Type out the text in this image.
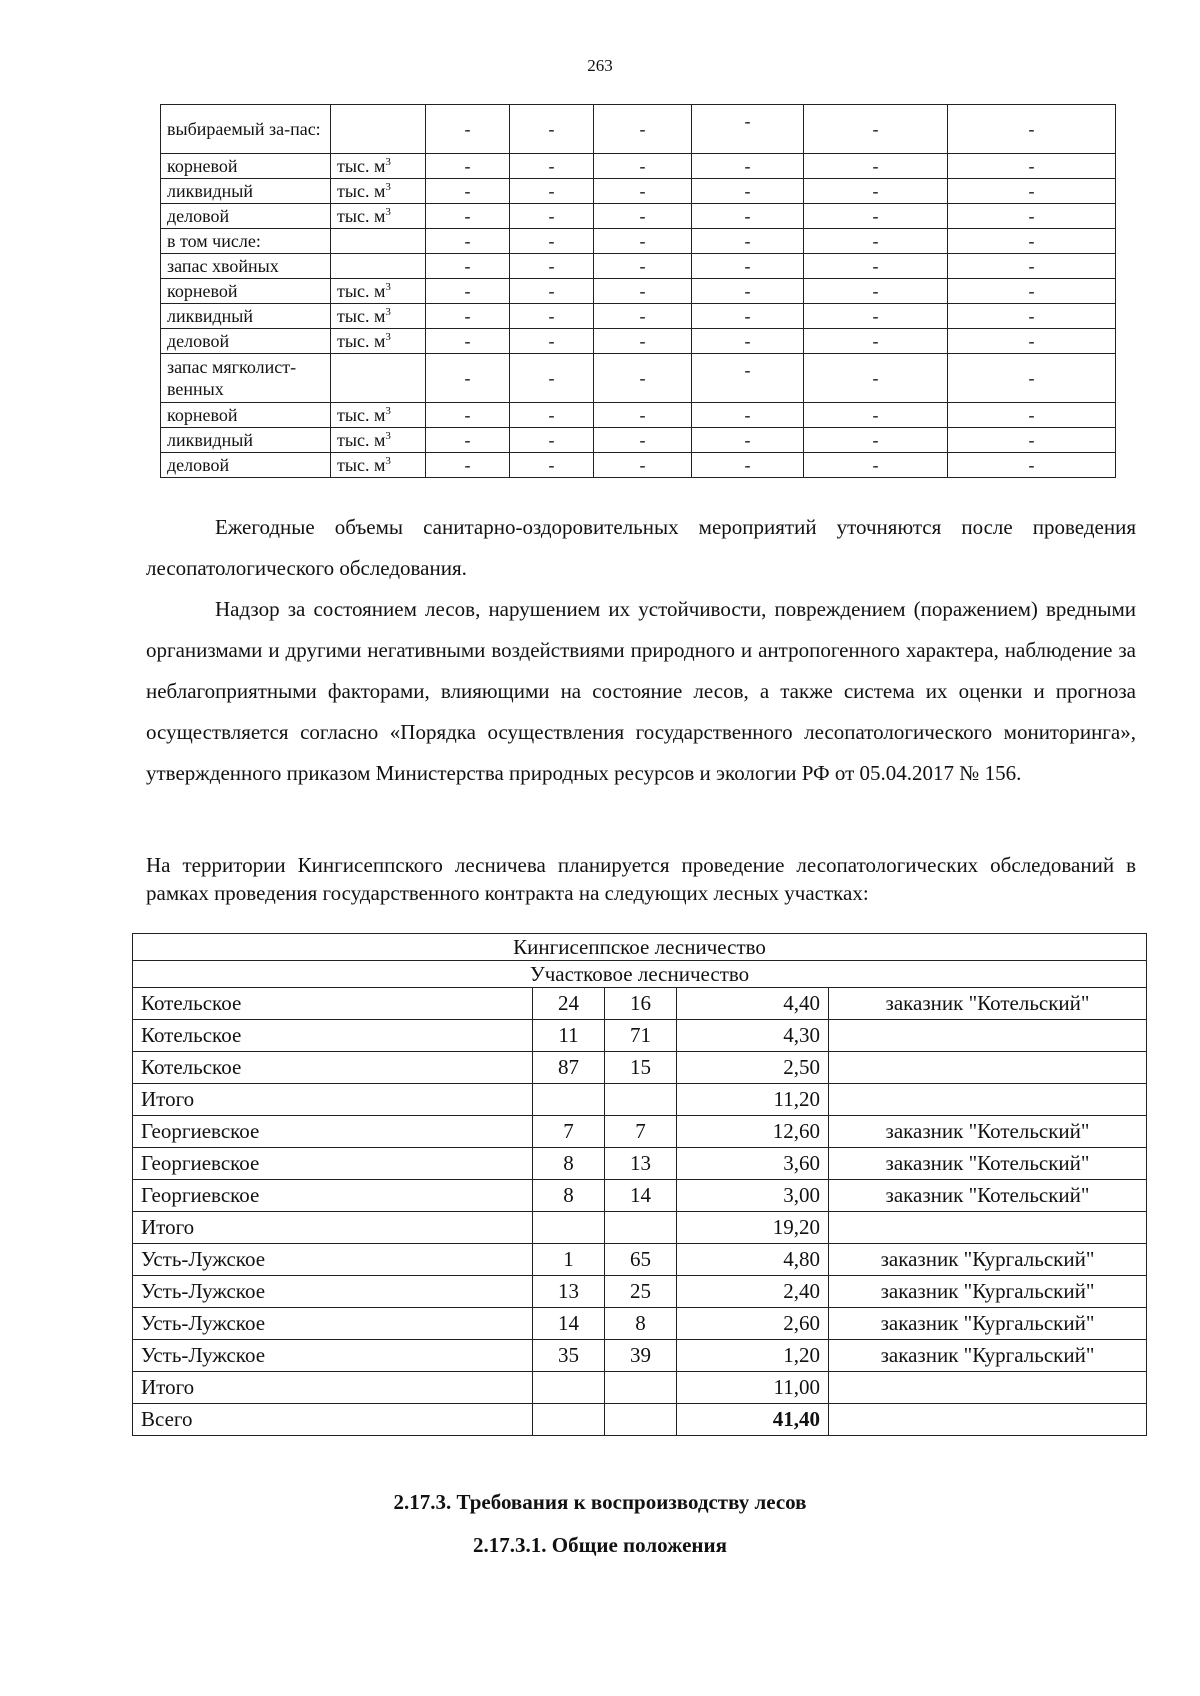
263
выбираемый за-пас:		-	-	-	-	-	-
корневой	тыс. $м^3$	-	-	-	-	-	-
ликвидный	тыс. $м^3$	-	-	-	-	-	-
деловой	тыс. $м^3$	-	-	-	-	-	-
в том числе:		-	-	-	-	-	-
запас хвойных		-	-	-	-	-	-
корневой	тыс. $м^3$	-	-	-	-	-	-
ликвидный	тыс. $м^3$	-	-	-	-	-	-
деловой	тыс. $м^3$	-	-	-	-	-	-
запас мягколист-венных		-	-	-	-	-	-
корневой	тыс. $м^3$	-	-	-	-	-	-
ликвидный	тыс. $м^3$	-	-	-	-	-	-
деловой	тыс. $м^3$	-	-	-	-	-	-
Ежегодные объемы санитарно-оздоровительных мероприятий уточняются после проведения лесопатологического обследования.
Надзор за состоянием лесов, нарушением их устойчивости, повреждением (поражением) вредными организмами и другими негативными воздействиями природного и антропогенного характера, наблюдение за неблагоприятными факторами, влияющими на состояние лесов, а также система их оценки и прогноза осуществляется согласно «Порядка осуществления государственного лесопатологического мониторинга», утвержденного приказом Министерства природных ресурсов и экологии РФ от 05.04.2017 № 156.
На территории Кингисеппского лесничева планируется проведение лесопатологических обследований в рамках проведения государственного контракта на следующих лесных участках:
Кингисеппское лесничество				
Участковое лесничество				
Котельское	24	16	4,40	заказник "Котельский"
Котельское	11	71	4,30	
Котельское	87	15	2,50	
Итого			11,20	
Георгиевское	7	7	12,60	заказник "Котельский"
Георгиевское	8	13	3,60	заказник "Котельский"
Георгиевское	8	14	3,00	заказник "Котельский"
Итого			19,20	
Усть-Лужское	1	65	4,80	заказник "Кургальский"
Усть-Лужское	13	25	2,40	заказник "Кургальский"
Усть-Лужское	14	8	2,60	заказник "Кургальский"
Усть-Лужское	35	39	1,20	заказник "Кургальский"
Итого			11,00	
Всего			41,40	
2.17.3. Требования к воспроизводству лесов
2.17.3.1. Общие положения
